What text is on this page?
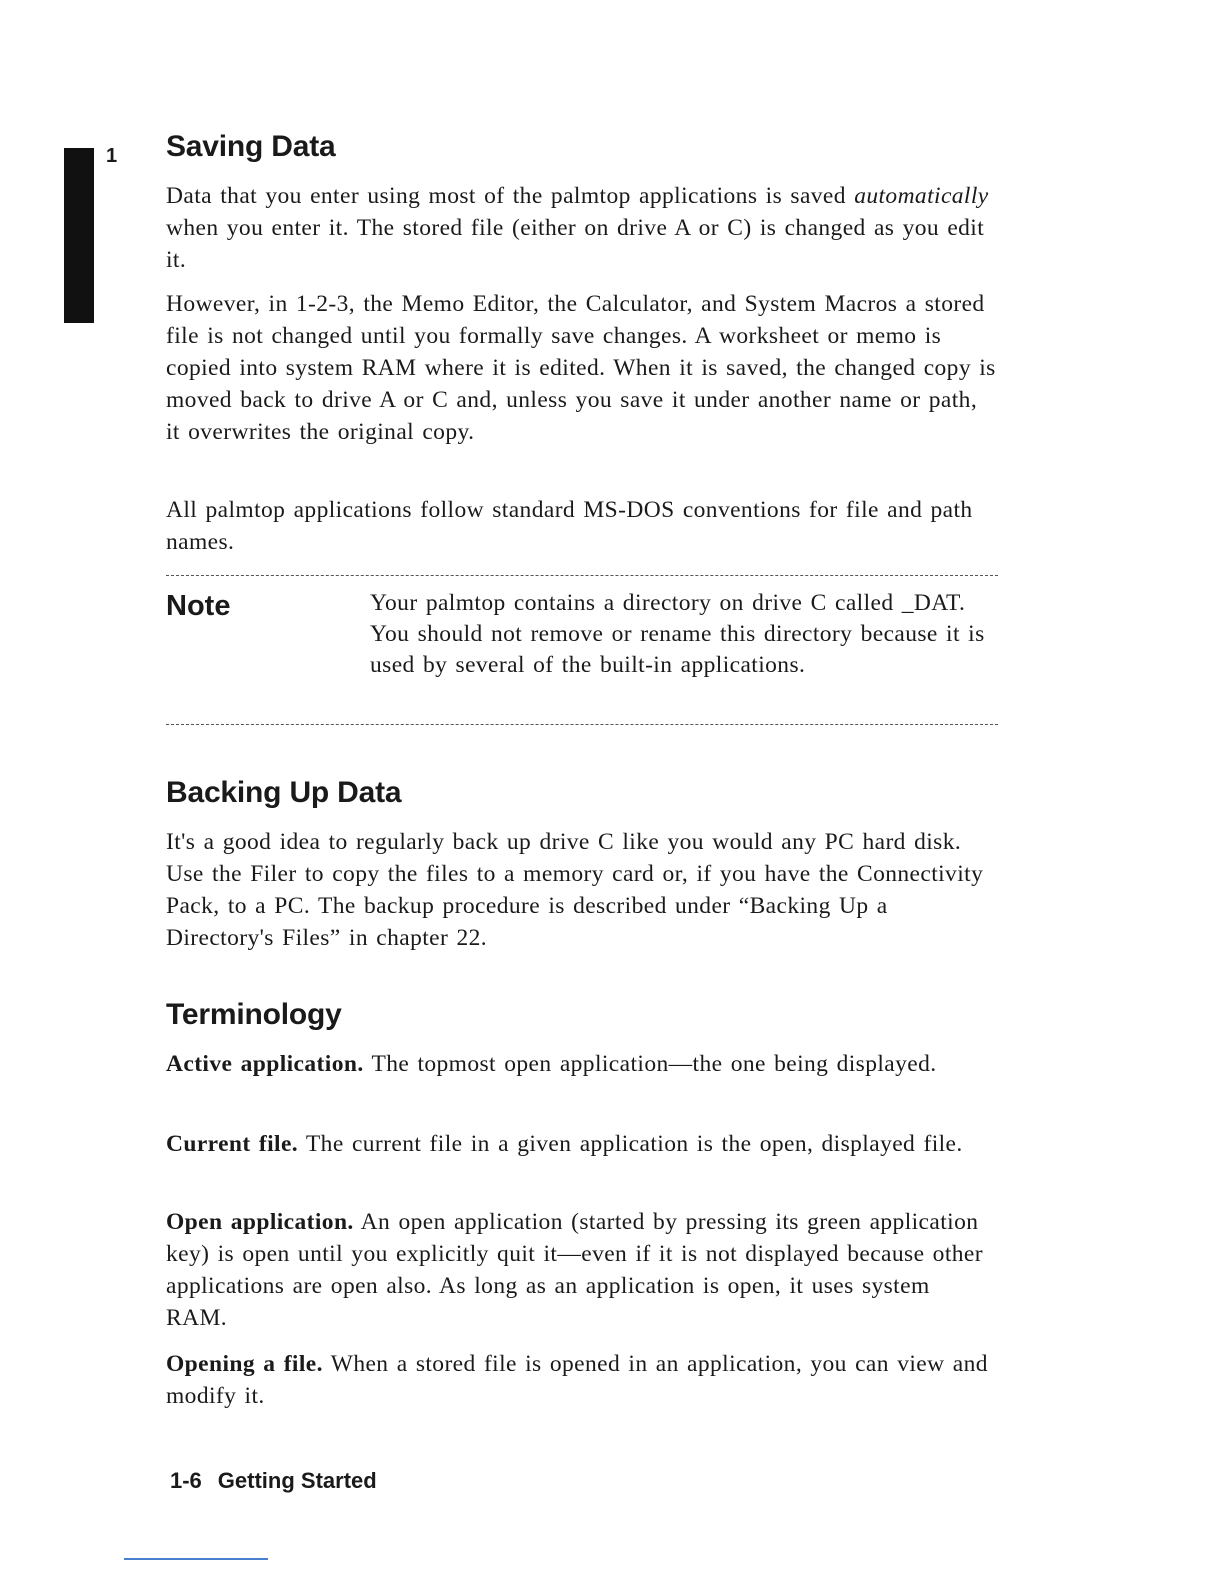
1 Saving Data

Data that you enter using most of the palmtop applications is saved automatically when you enter it. The stored file (either on drive A or C) is changed as you edit it.

However, in 1-2-3, the Memo Editor, the Calculator, and System Macros a stored file is not changed until you formally save changes. A worksheet or memo is copied into system RAM where it is edited. When it is saved, the changed copy is moved back to drive A or C and, unless you save it under another name or path, it overwrites the original copy.

All palmtop applications follow standard MS-DOS conventions for file and path names.

Note	Your palmtop contains a directory on drive C called _DAT. You should not remove or rename this directory because it is used by several of the built-in applications.

Backing Up Data

It's a good idea to regularly back up drive C like you would any PC hard disk. Use the Filer to copy the files to a memory card or, if you have the Connectivity Pack, to a PC. The backup procedure is described under “Backing Up a Directory's Files” in chapter 22.

Terminology

Active application. The topmost open application—the one being displayed.

Current file. The current file in a given application is the open, displayed file.

Open application. An open application (started by pressing its green application key) is open until you explicitly quit it—even if it is not displayed because other applications are open also. As long as an application is open, it uses system RAM.

Opening a file. When a stored file is opened in an application, you can view and modify it.

1-6 Getting Started
